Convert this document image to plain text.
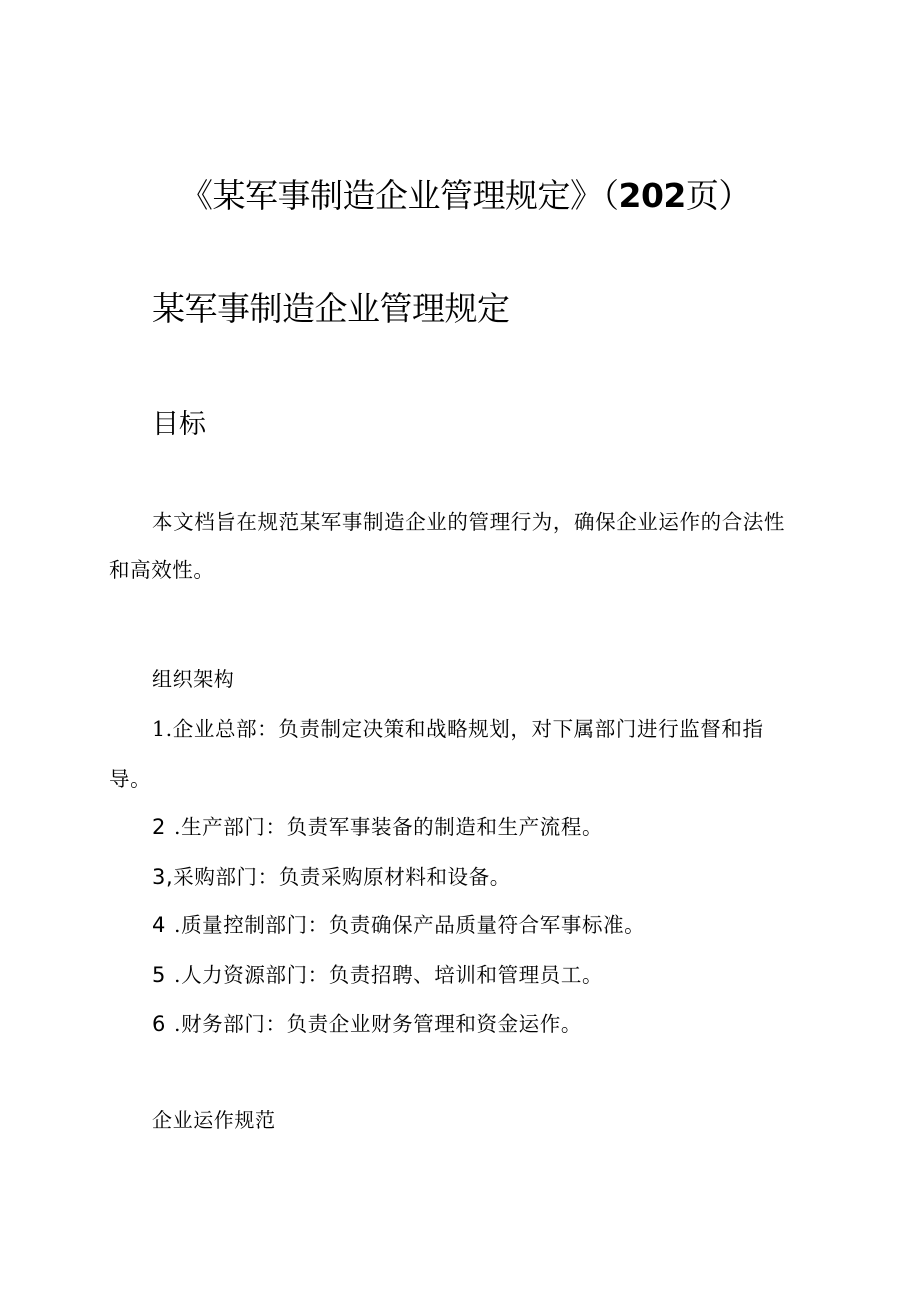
《某军事制造企业管理规定》（202页）
某军事制造企业管理规定
目标
本文档旨在规范某军事制造企业的管理行为，确保企业运作的合法性
和高效性。
组织架构
1.企业总部：负责制定决策和战略规划，对下属部门进行监督和指
导。
2 .生产部门：负责军事装备的制造和生产流程。
3,采购部门：负责采购原材料和设备。
4 .质量控制部门：负责确保产品质量符合军事标准。
5 .人力资源部门：负责招聘、培训和管理员工。
6 .财务部门：负责企业财务管理和资金运作。
企业运作规范
